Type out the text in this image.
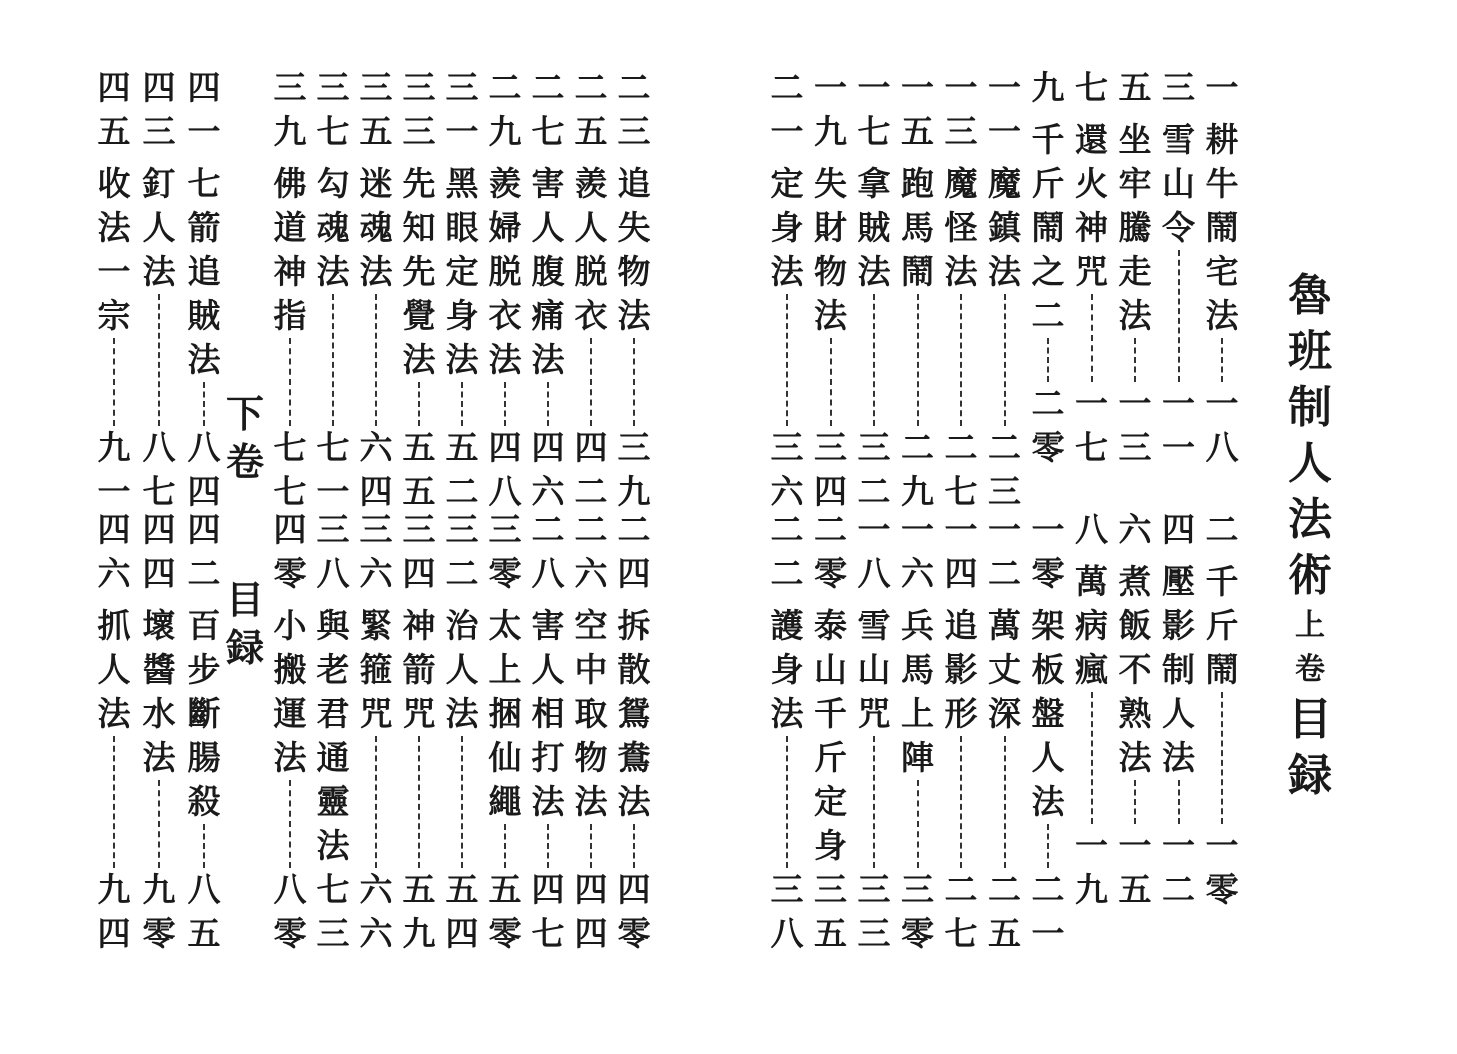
魯
班
制
人
法
術
上卷
目録
下卷
目録
一
耕
牛
鬧
宅
法
一
八
三
雪
山
令
一
一
五
坐
牢
騰
走
法
一
三
七
還
火
神
咒
一
七
九
千
斤
鬧
之
二
二
零
一
一
魔
鎮
法
二
三
一
三
魔
怪
法
二
七
一
五
跑
馬
鬧
二
九
一
七
拿
賊
法
三
二
一
九
失
財
物
法
三
四
二
一
定
身
法
三
六
二
千
斤
鬧
一
零
四
壓
影
制
人
法
一
二
六
煮
飯
不
熟
法
一
五
八
萬
病
瘋
一
九
一
零
架
板
盤
人
法
二
一
一
二
萬
丈
深
二
五
一
四
追
影
形
二
七
一
六
兵
馬
上
陣
三
零
一
八
雪
山
咒
三
三
二
零
泰
山
千
斤
定
身
三
五
二
二
護
身
法
三
八
二
三
追
失
物
法
三
九
二
五
羨
人
脱
衣
四
二
二
七
害
人
腹
痛
法
四
六
二
九
羨
婦
脱
衣
法
四
八
三
一
黑
眼
定
身
法
五
二
三
三
先
知
先
覺
法
五
五
三
五
迷
魂
法
六
四
三
七
勾
魂
法
七
一
三
九
佛
道
神
指
七
七
四
一
七
箭
追
賊
法
八
四
四
三
釘
人
法
八
七
四
五
收
法
一
宗
九
一
二
四
拆
散
鴛
鴦
法
四
零
二
六
空
中
取
物
法
四
四
二
八
害
人
相
打
法
四
七
三
零
太
上
捆
仙
繩
五
零
三
二
治
人
法
五
四
三
四
神
箭
咒
五
九
三
六
緊
箍
咒
六
六
三
八
與
老
君
通
靈
法
七
三
四
零
小
搬
運
法
八
零
四
二
百
步
斷
腸
殺
八
五
四
四
壞
醬
水
法
九
零
四
六
抓
人
法
九
四
